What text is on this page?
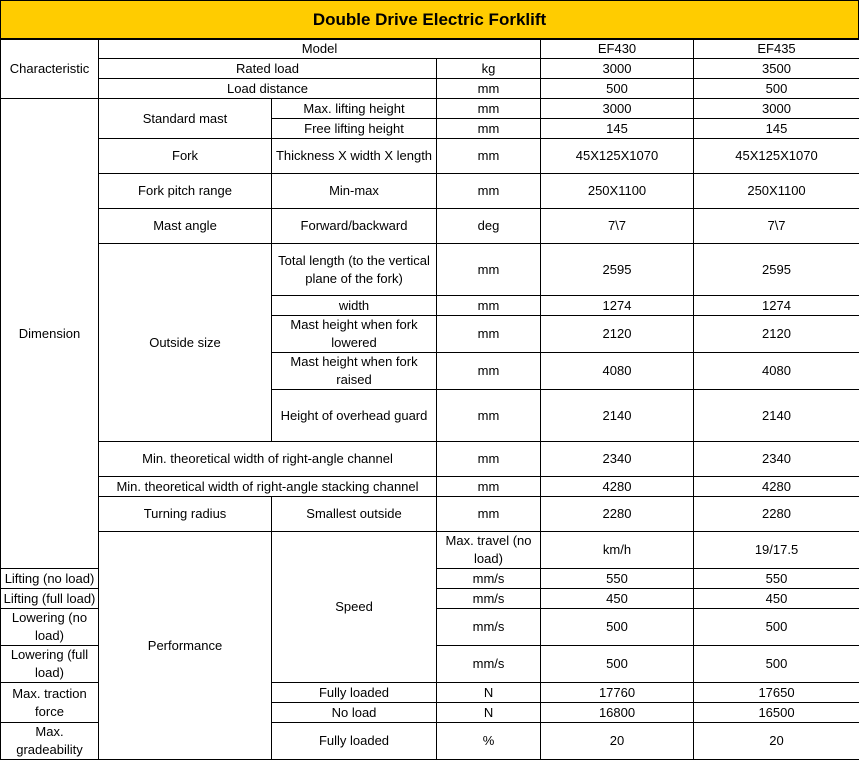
Double Drive Electric Forklift
Characteristic	Model			EF430	EF435	
	Rated load		kg	3000	3500	
	Load distance		mm	500	500	
Dimension	Standard mast	Max. lifting height	mm	3000	3000	
		Free lifting height	mm	145	145	
	Fork	Thickness X width X length	mm	45X125X1070	45X125X1070	
	Fork pitch range	Min-max	mm	250X1100	250X1100	
	Mast angle	Forward/backward	deg	7\7	7\7	
	Outside size	Total length (to the vertical plane of the fork)	mm	2595	2595	
		width	mm	1274	1274	
		Mast height when fork lowered	mm	2120	2120	
		Mast height when fork raised	mm	4080	4080	
		Height of overhead guard	mm	2140	2140	
	Min. theoretical width of right-angle channel		mm	2340	2340	
	Min. theoretical width of right-angle stacking channel		mm	4280	4280	
	Turning radius	Smallest outside	mm	2280	2280	
	Performance	Speed	Max. travel (no load)	km/h	19/17.5	
Lifting (no load)			mm/s	550	550	
Lifting (full load)			mm/s	450	450	
Lowering (no load)			mm/s	500	500	
Lowering (full load)			mm/s	500	500	
Max. traction force		Fully loaded	N	17760	17650	
		No load	N	16800	16500	
Max. gradeability		Fully loaded	%	20	20	
